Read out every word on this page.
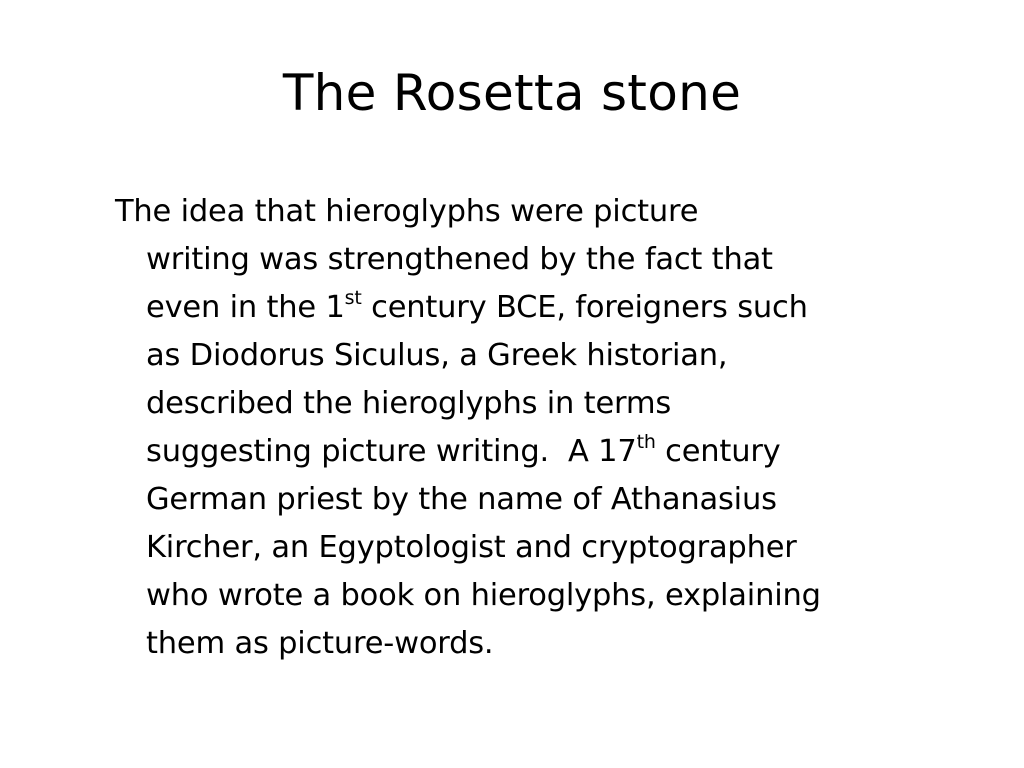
The Rosetta stone
The idea that hieroglyphs were picture
writing was strengthened by the fact that
even in the 1st century BCE, foreigners such
as Diodorus Siculus, a Greek historian,
described the hieroglyphs in terms
suggesting picture writing.  A 17th century
German priest by the name of Athanasius
Kircher, an Egyptologist and cryptographer
who wrote a book on hieroglyphs, explaining
them as picture-words.
